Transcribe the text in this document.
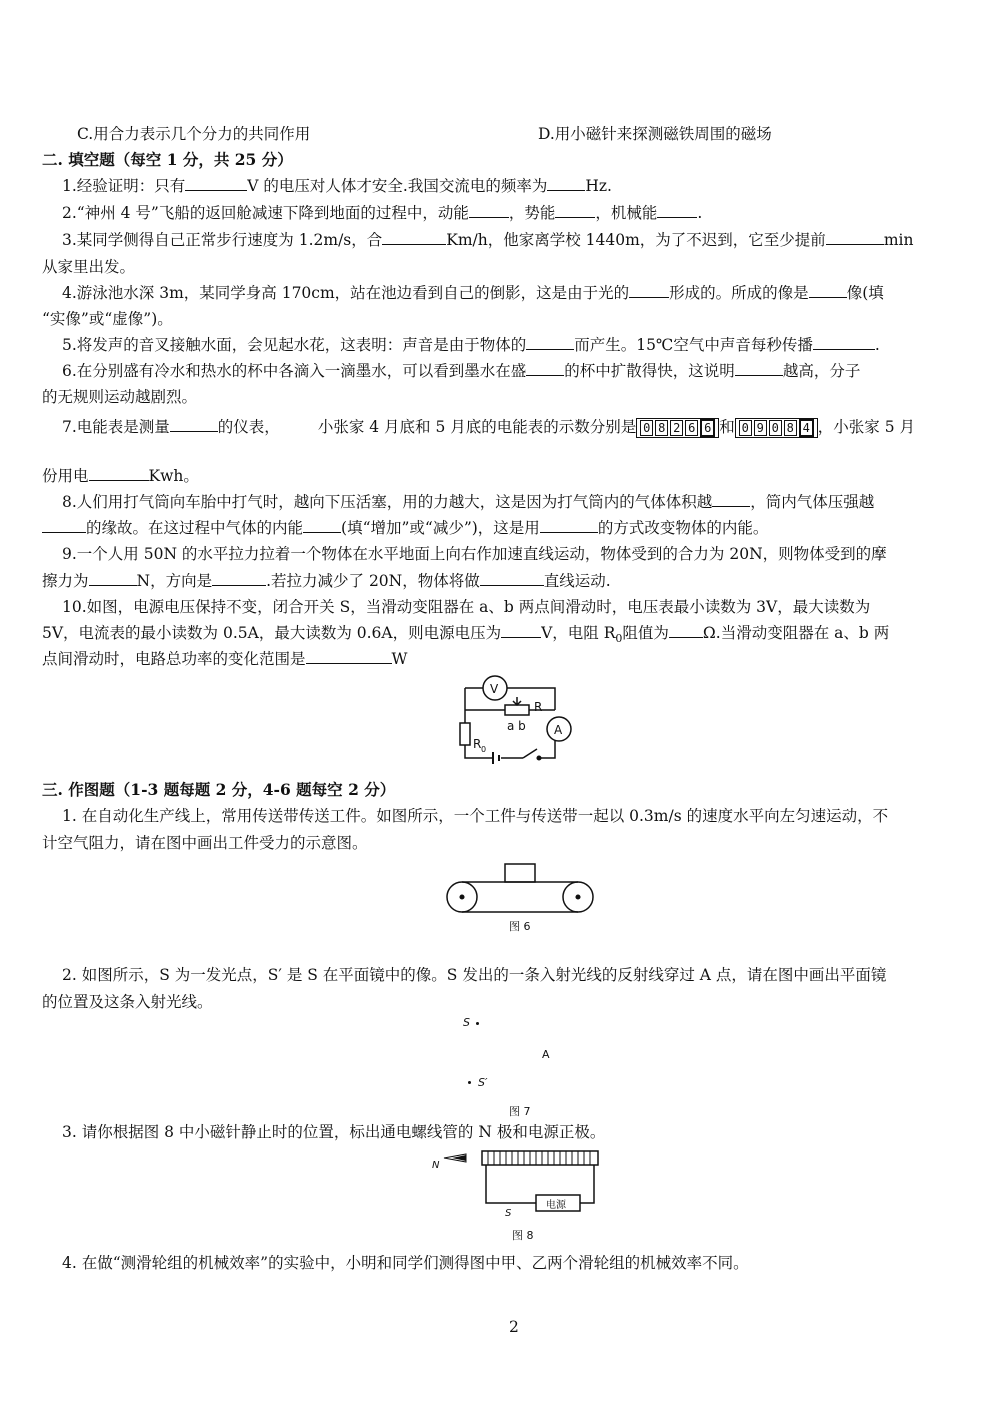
C.用合力表示几个分力的共同作用	D.用小磁针来探测磁铁周围的磁场
二. 填空题（每空 1 分，共 25 分）
1.经验证明：只有	V 的电压对人体才安全.我国交流电的频率为 Hz.
2.“神州 4 号”飞船的返回舱减速下降到地面的过程中，动能	，势能	，机械能	.
3.某同学侧得自己正常步行速度为 1.2m/s，合	Km/h，他家离学校 1440m，为了不迟到，它至少提前	min
从家里出发。
4.游泳池水深 3m，某同学身高 170cm，站在池边看到自己的倒影，这是由于光的	形成的。所成的像是 像(填
“实像”或“虚像”)。
5.将发声的音叉接触水面，会见起水花，这表明：声音是由于物体的	而产生。15℃空气中声音每秒传播	.
6.在分别盛有冷水和热水的杯中各滴入一滴墨水，可以看到墨水在盛 的杯中扩散得快，这说明	越高，分子
的无规则运动越剧烈。
7.电能表是测量	的仪表， 小张家 4 月底和 5 月底的电能表的示数分别是 0 8 2 6 6 和 0 9 0 8 4 ，小张家 5 月
份用电	Kwh。
8.人们用打气筒向车胎中打气时，越向下压活塞，用的力越大，这是因为打气筒内的气体体积越 ，筒内气体压强越
的缘故。在这过程中气体的内能 (填“增加”或“减少”)，这是用	的方式改变物体的内能。
9.一个人用 50N 的水平拉力拉着一个物体在水平地面上向右作加速直线运动，物体受到的合力为 20N，则物体受到的摩
擦力为	N，方向是	.若拉力减少了 20N，物体将做	直线运动.
10.如图，电源电压保持不变，闭合开关 S，当滑动变阻器在 a、b 两点间滑动时，电压表最小读数为 3V，最大读数为
5V，电流表的最小读数为 0.5A，最大读数为 0.6A，则电源电压为	V，电阻 $R_0$阻值为 Ω.当滑动变阻器在 a、b 两
点间滑动时，电路总功率的变化范围是	W
V
A
R
a b
R 0
三. 作图题（1-3 题每题 2 分，4-6 题每空 2 分）
1. 在自动化生产线上，常用传送带传送工件。如图所示，一个工件与传送带一起以 0.3m/s 的速度水平向左匀速运动，不
计空气阻力，请在图中画出工件受力的示意图。
图 6
2. 如图所示，S 为一发光点，S′ 是 S 在平面镜中的像。S 发出的一条入射光线的反射线穿过 A 点，请在图中画出平面镜
的位置及这条入射光线。
S
A
S′
图 7
3. 请你根据图 8 中小磁针静止时的位置，标出通电螺线管的 N 极和电源正极。
N
S
电源
图 8
4. 在做“测滑轮组的机械效率”的实验中，小明和同学们测得图中甲、乙两个滑轮组的机械效率不同。
2
